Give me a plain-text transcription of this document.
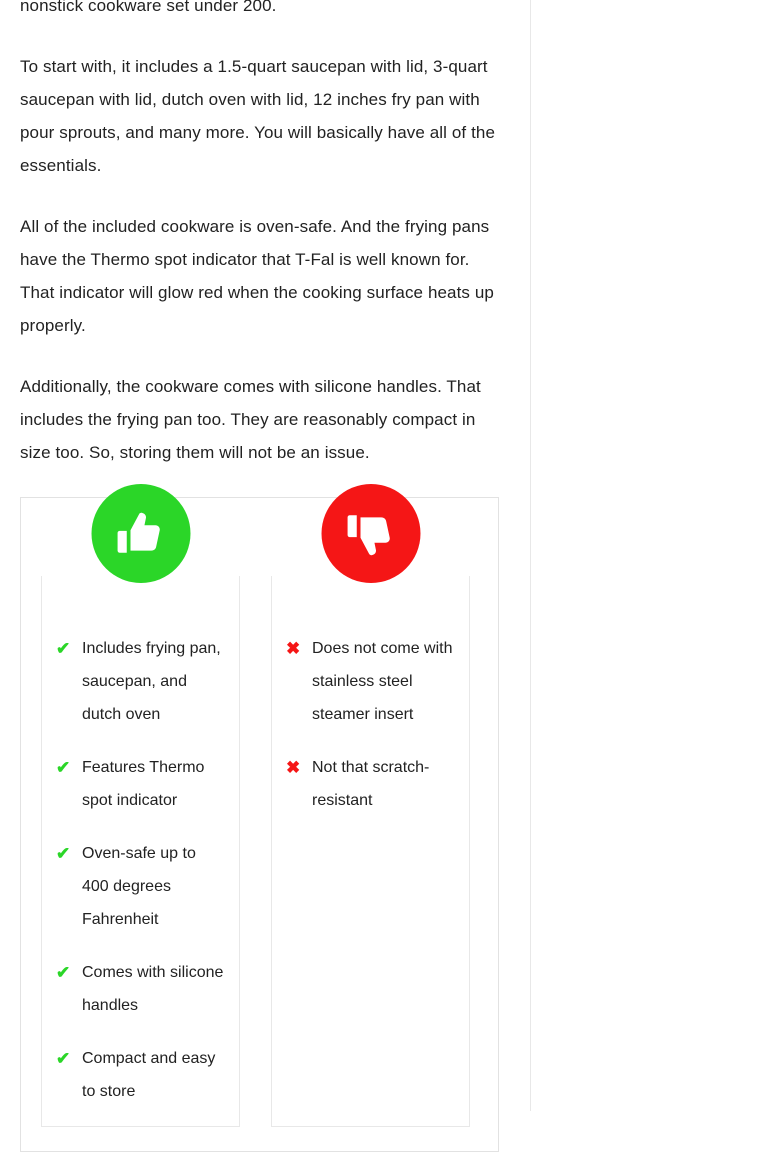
nonstick cookware set under 200.

To start with, it includes a 1.5-quart saucepan with lid, 3-quart saucepan with lid, dutch oven with lid, 12 inches fry pan with pour sprouts, and many more. You will basically have all of the essentials.

All of the included cookware is oven-safe. And the frying pans have the Thermo spot indicator that T-Fal is well known for. That indicator will glow red when the cooking surface heats up properly.

Additionally, the cookware comes with silicone handles. That includes the frying pan too. They are reasonably compact in size too. So, storing them will not be an issue.

✔ Includes frying pan, saucepan, and dutch oven
✔ Features Thermo spot indicator
✔ Oven-safe up to 400 degrees Fahrenheit
✔ Comes with silicone handles
✔ Compact and easy to store
✖ Does not come with stainless steel steamer insert
✖ Not that scratch-resistant
